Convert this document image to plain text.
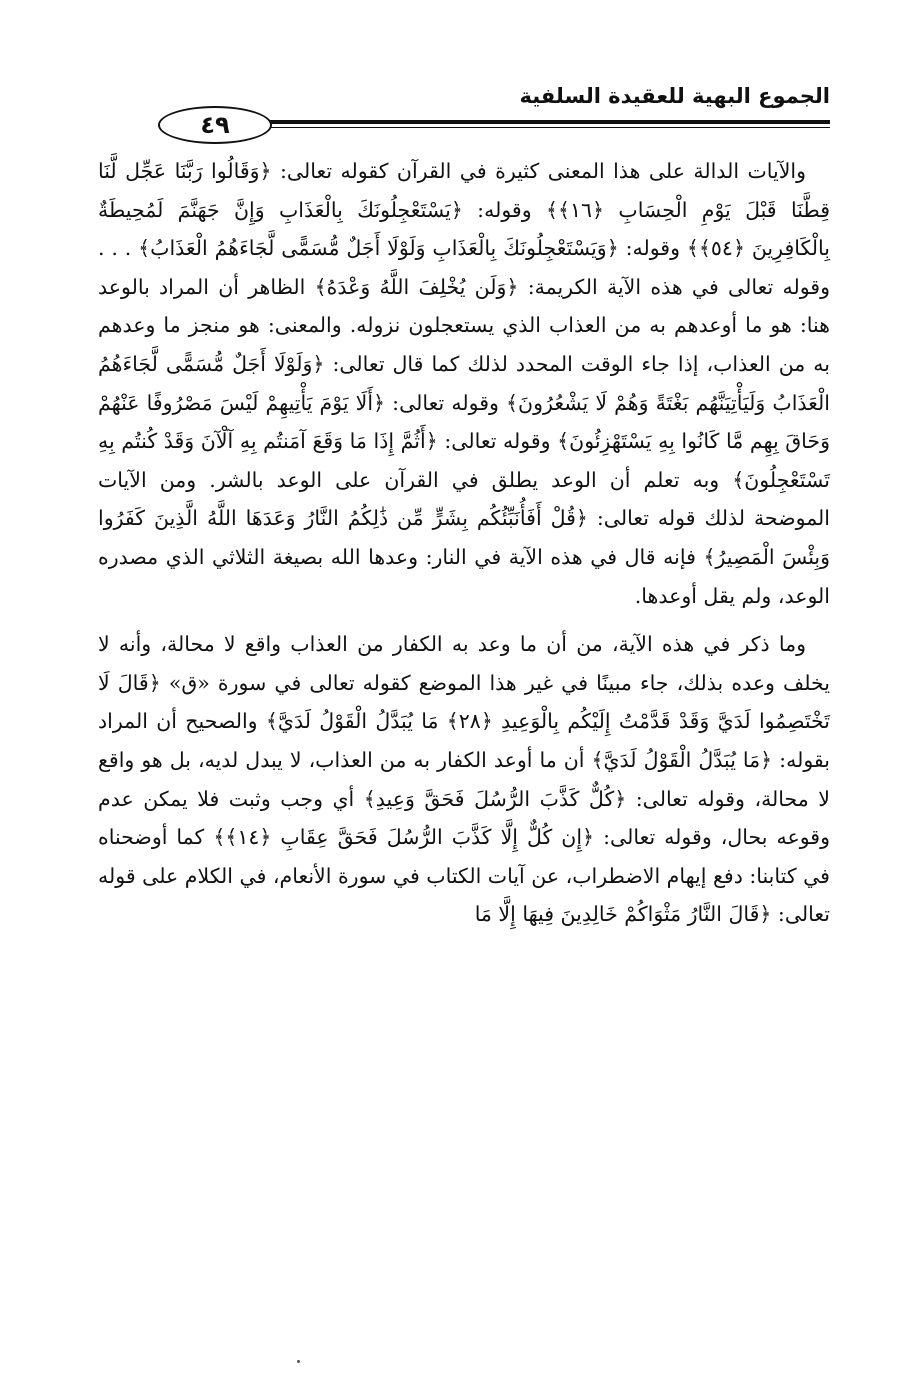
الجموع البهية للعقيدة السلفية
٤٩

والآيات الدالة على هذا المعنى كثيرة في القرآن كقوله تعالى: ﴿وَقَالُوا رَبَّنَا عَجِّل لَّنَا قِطَّنَا قَبْلَ يَوْمِ الْحِسَابِ ﴿١٦﴾﴾ وقوله: ﴿يَسْتَعْجِلُونَكَ بِالْعَذَابِ وَإِنَّ جَهَنَّمَ لَمُحِيطَةٌ بِالْكَافِرِينَ ﴿٥٤﴾﴾ وقوله: ﴿وَيَسْتَعْجِلُونَكَ بِالْعَذَابِ وَلَوْلَا أَجَلٌ مُّسَمًّى لَّجَاءَهُمُ الْعَذَابُ﴾ . . . وقوله تعالى في هذه الآية الكريمة: ﴿وَلَن يُخْلِفَ اللَّهُ وَعْدَهُ﴾ الظاهر أن المراد بالوعد هنا: هو ما أوعدهم به من العذاب الذي يستعجلون نزوله. والمعنى: هو منجز ما وعدهم به من العذاب، إذا جاء الوقت المحدد لذلك كما قال تعالى: ﴿وَلَوْلَا أَجَلٌ مُّسَمًّى لَّجَاءَهُمُ الْعَذَابُ وَلَيَأْتِيَنَّهُم بَغْتَةً وَهُمْ لَا يَشْعُرُونَ﴾ وقوله تعالى: ﴿أَلَا يَوْمَ يَأْتِيهِمْ لَيْسَ مَصْرُوفًا عَنْهُمْ وَحَاقَ بِهِم مَّا كَانُوا بِهِ يَسْتَهْزِئُونَ﴾ وقوله تعالى: ﴿أَثُمَّ إِذَا مَا وَقَعَ آمَنتُم بِهِ آلْآنَ وَقَدْ كُنتُم بِهِ تَسْتَعْجِلُونَ﴾ وبه تعلم أن الوعد يطلق في القرآن على الوعد بالشر. ومن الآيات الموضحة لذلك قوله تعالى: ﴿قُلْ أَفَأُنَبِّئُكُم بِشَرٍّ مِّن ذَٰلِكُمُ النَّارُ وَعَدَهَا اللَّهُ الَّذِينَ كَفَرُوا وَبِئْسَ الْمَصِيرُ﴾ فإنه قال في هذه الآية في النار: وعدها الله بصيغة الثلاثي الذي مصدره الوعد، ولم يقل أوعدها.

وما ذكر في هذه الآية، من أن ما وعد به الكفار من العذاب واقع لا محالة، وأنه لا يخلف وعده بذلك، جاء مبينًا في غير هذا الموضع كقوله تعالى في سورة «ق» ﴿قَالَ لَا تَخْتَصِمُوا لَدَيَّ وَقَدْ قَدَّمْتُ إِلَيْكُم بِالْوَعِيدِ ﴿٢٨﴾ مَا يُبَدَّلُ الْقَوْلُ لَدَيَّ﴾ والصحيح أن المراد بقوله: ﴿مَا يُبَدَّلُ الْقَوْلُ لَدَيَّ﴾ أن ما أوعد الكفار به من العذاب، لا يبدل لديه، بل هو واقع لا محالة، وقوله تعالى: ﴿كُلٌّ كَذَّبَ الرُّسُلَ فَحَقَّ وَعِيدِ﴾ أي وجب وثبت فلا يمكن عدم وقوعه بحال، وقوله تعالى: ﴿إِن كُلٌّ إِلَّا كَذَّبَ الرُّسُلَ فَحَقَّ عِقَابِ ﴿١٤﴾﴾ كما أوضحناه في كتابنا: دفع إيهام الاضطراب، عن آيات الكتاب في سورة الأنعام، في الكلام على قوله تعالى: ﴿قَالَ النَّارُ مَثْوَاكُمْ خَالِدِينَ فِيهَا إِلَّا مَا
